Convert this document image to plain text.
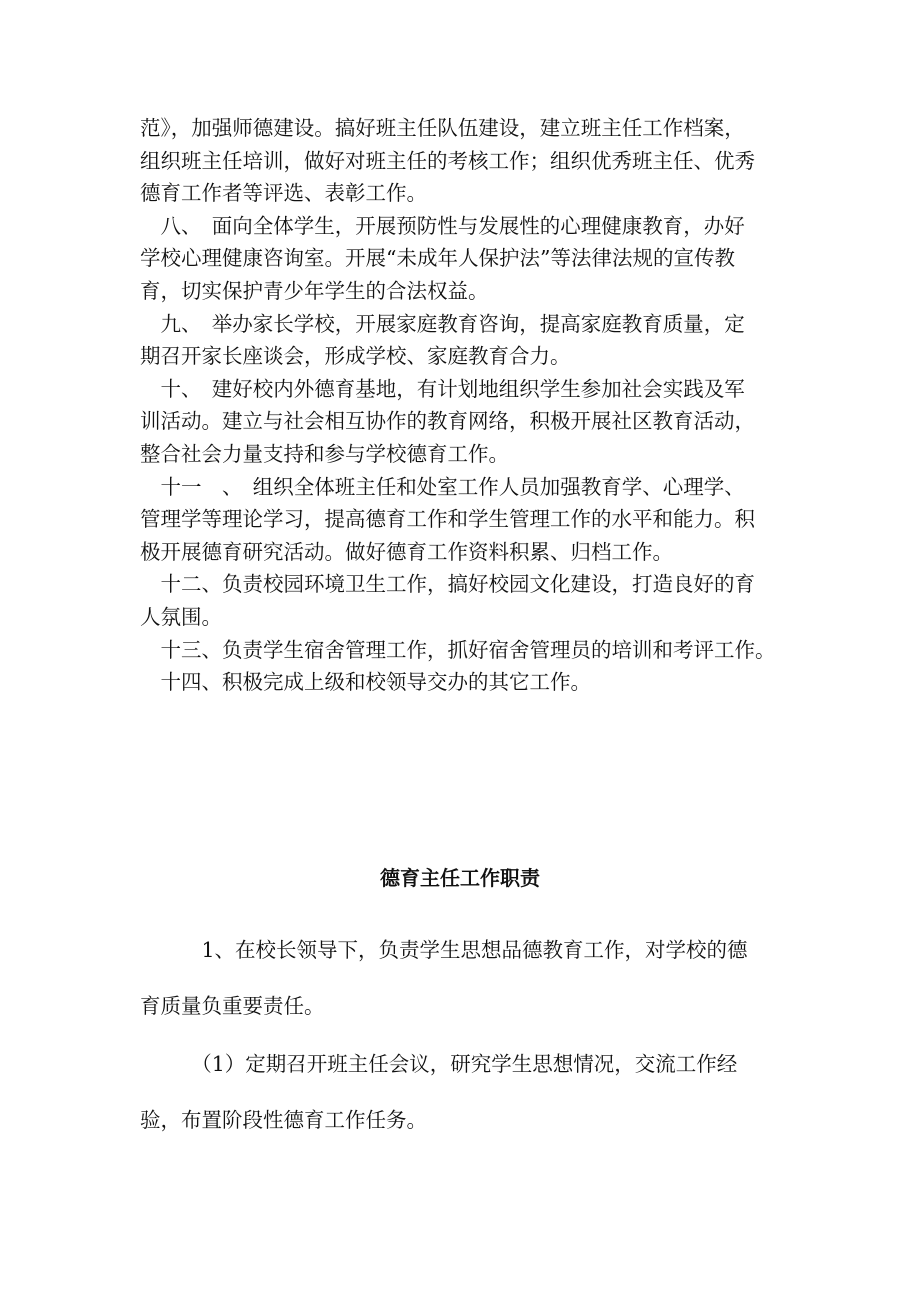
范》，加强师德建设。搞好班主任队伍建设，建立班主任工作档案，

组织班主任培训，做好对班主任的考核工作；组织优秀班主任、优秀

德育工作者等评选、表彰工作。

　八、　面向全体学生，开展预防性与发展性的心理健康教育，办好

学校心理健康咨询室。开展“未成年人保护法”等法律法规的宣传教

育，切实保护青少年学生的合法权益。

　九、　举办家长学校，开展家庭教育咨询，提高家庭教育质量，定

期召开家长座谈会，形成学校、家庭教育合力。

　十、　建好校内外德育基地，有计划地组织学生参加社会实践及军

训活动。建立与社会相互协作的教育网络，积极开展社区教育活动，

整合社会力量支持和参与学校德育工作。

　十一　、　组织全体班主任和处室工作人员加强教育学、心理学、

管理学等理论学习，提高德育工作和学生管理工作的水平和能力。积

极开展德育研究活动。做好德育工作资料积累、归档工作。

　十二、负责校园环境卫生工作，搞好校园文化建设，打造良好的育

人氛围。

　十三、负责学生宿舍管理工作，抓好宿舍管理员的培训和考评工作。

　十四、积极完成上级和校领导交办的其它工作。

德育主任工作职责

　　　1、在校长领导下，负责学生思想品德教育工作，对学校的德

育质量负重要责任。

　　　（1）定期召开班主任会议，研究学生思想情况，交流工作经

验，布置阶段性德育工作任务。
